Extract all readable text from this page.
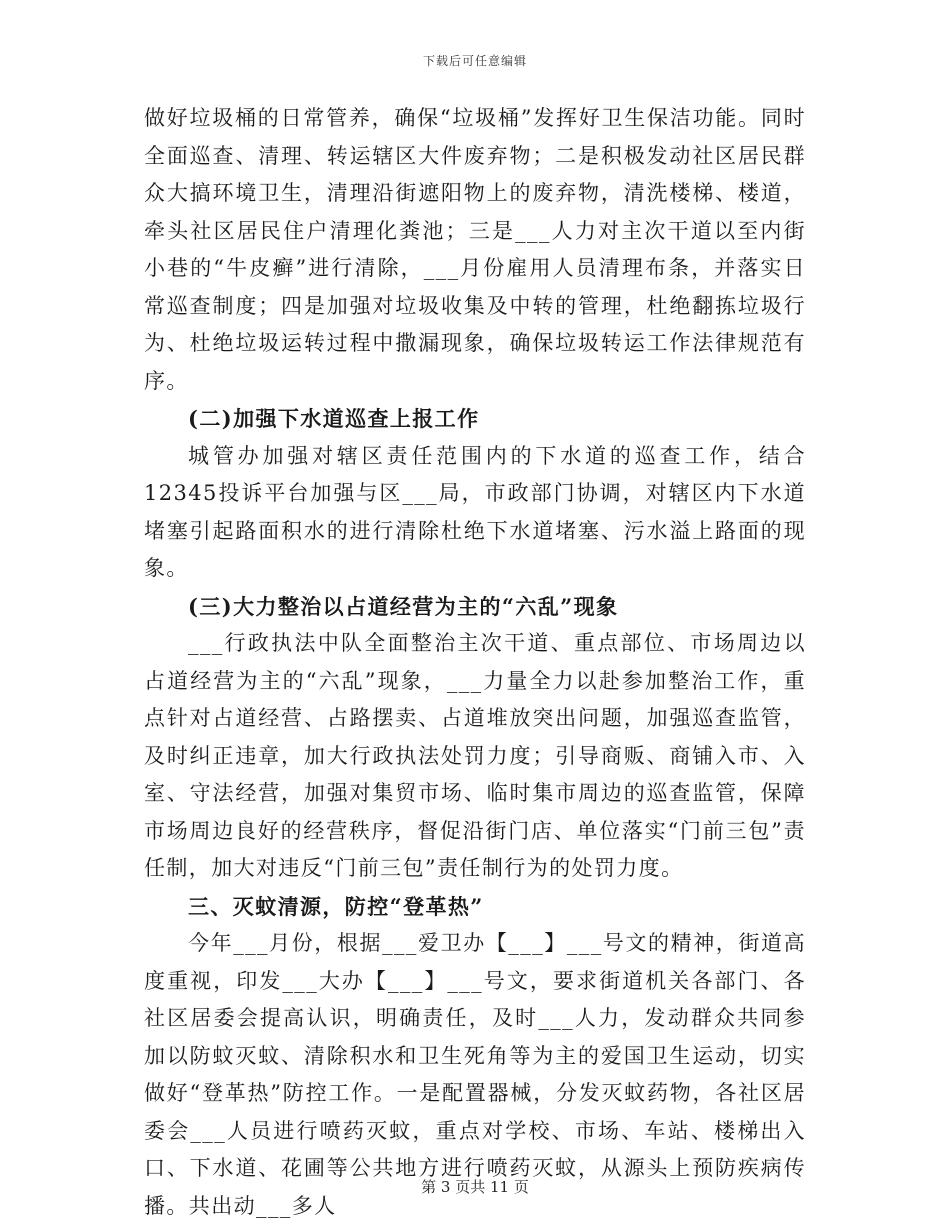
下载后可任意编辑

做好垃圾桶的日常管养，确保“垃圾桶”发挥好卫生保洁功能。同时全面巡查、清理、转运辖区大件废弃物；二是积极发动社区居民群众大搞环境卫生，清理沿街遮阳物上的废弃物，清洗楼梯、楼道，牵头社区居民住户清理化粪池；三是___人力对主次干道以至内街小巷的“牛皮癣”进行清除，___月份雇用人员清理布条，并落实日常巡查制度；四是加强对垃圾收集及中转的管理，杜绝翻拣垃圾行为、杜绝垃圾运转过程中撒漏现象，确保垃圾转运工作法律规范有序。

(二)加强下水道巡查上报工作

城管办加强对辖区责任范围内的下水道的巡查工作，结合12345投诉平台加强与区___局，市政部门协调，对辖区内下水道堵塞引起路面积水的进行清除杜绝下水道堵塞、污水溢上路面的现象。

(三)大力整治以占道经营为主的“六乱”现象

___行政执法中队全面整治主次干道、重点部位、市场周边以占道经营为主的“六乱”现象，___力量全力以赴参加整治工作，重点针对占道经营、占路摆卖、占道堆放突出问题，加强巡查监管，及时纠正违章，加大行政执法处罚力度；引导商贩、商铺入市、入室、守法经营，加强对集贸市场、临时集市周边的巡查监管，保障市场周边良好的经营秩序，督促沿街门店、单位落实“门前三包”责任制，加大对违反“门前三包”责任制行为的处罚力度。

三、灭蚊清源，防控“登革热”

今年___月份，根据___爱卫办【___】___号文的精神，街道高度重视，印发___大办【___】___号文，要求街道机关各部门、各社区居委会提高认识，明确责任，及时___人力，发动群众共同参加以防蚊灭蚊、清除积水和卫生死角等为主的爱国卫生运动，切实做好“登革热”防控工作。一是配置器械，分发灭蚊药物，各社区居委会___人员进行喷药灭蚊，重点对学校、市场、车站、楼梯出入口、下水道、花圃等公共地方进行喷药灭蚊，从源头上预防疾病传播。共出动___多人

第 3 页共 11 页
